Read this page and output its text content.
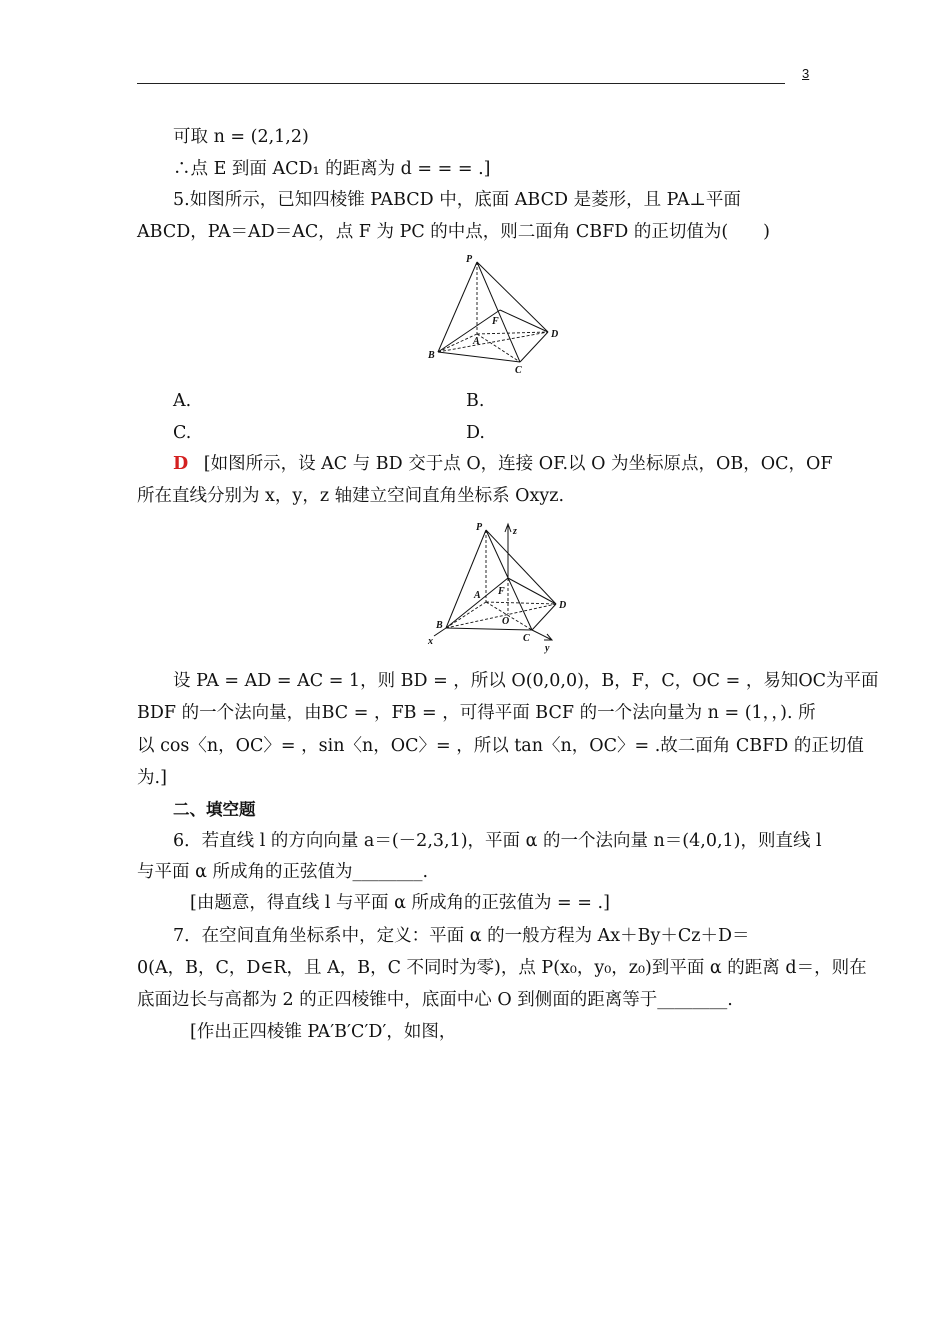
3
可取 n = (2,1,2)
∴点 E 到面 ACD₁ 的距离为 d = = = .]
5.如图所示，已知四棱锥 PABCD 中，底面 ABCD 是菱形，且 PA⊥平面
ABCD，PA＝AD＝AC，点 F 为 PC 的中点，则二面角 CBFD 的正切值为(　　)
P
F
A
D
B
C
A.	B.
C.	D.
D [如图所示，设 AC 与 BD 交于点 O，连接 OF.以 O 为坐标原点，OB，OC，OF
所在直线分别为 x，y，z 轴建立空间直角坐标系 Oxyz.
P	z
F
A
D
O
B
x	C
y
设 PA = AD = AC = 1，则 BD = ，所以 O(0,0,0)，B，F，C，OC = ，易知OC为平面
BDF 的一个法向量，由BC = ，FB = ，可得平面 BCF 的一个法向量为 n = (1，，). 所
以 cos〈n，OC〉= ，sin〈n，OC〉= ，所以 tan〈n，OC〉= .故二面角 CBFD 的正切值
为.]
二、填空题
6．若直线 l 的方向向量 a＝(－2,3,1)，平面 α 的一个法向量 n＝(4,0,1)，则直线 l
与平面 α 所成角的正弦值为________.
[由题意，得直线 l 与平面 α 所成角的正弦值为 = = .]
7．在空间直角坐标系中，定义：平面 α 的一般方程为 Ax＋By＋Cz＋D＝
0(A，B，C，D∈R，且 A，B，C 不同时为零)，点 P(x₀，y₀，z₀)到平面 α 的距离 d＝，则在
底面边长与高都为 2 的正四棱锥中，底面中心 O 到侧面的距离等于________.
[作出正四棱锥 PA′B′C′D′，如图，
